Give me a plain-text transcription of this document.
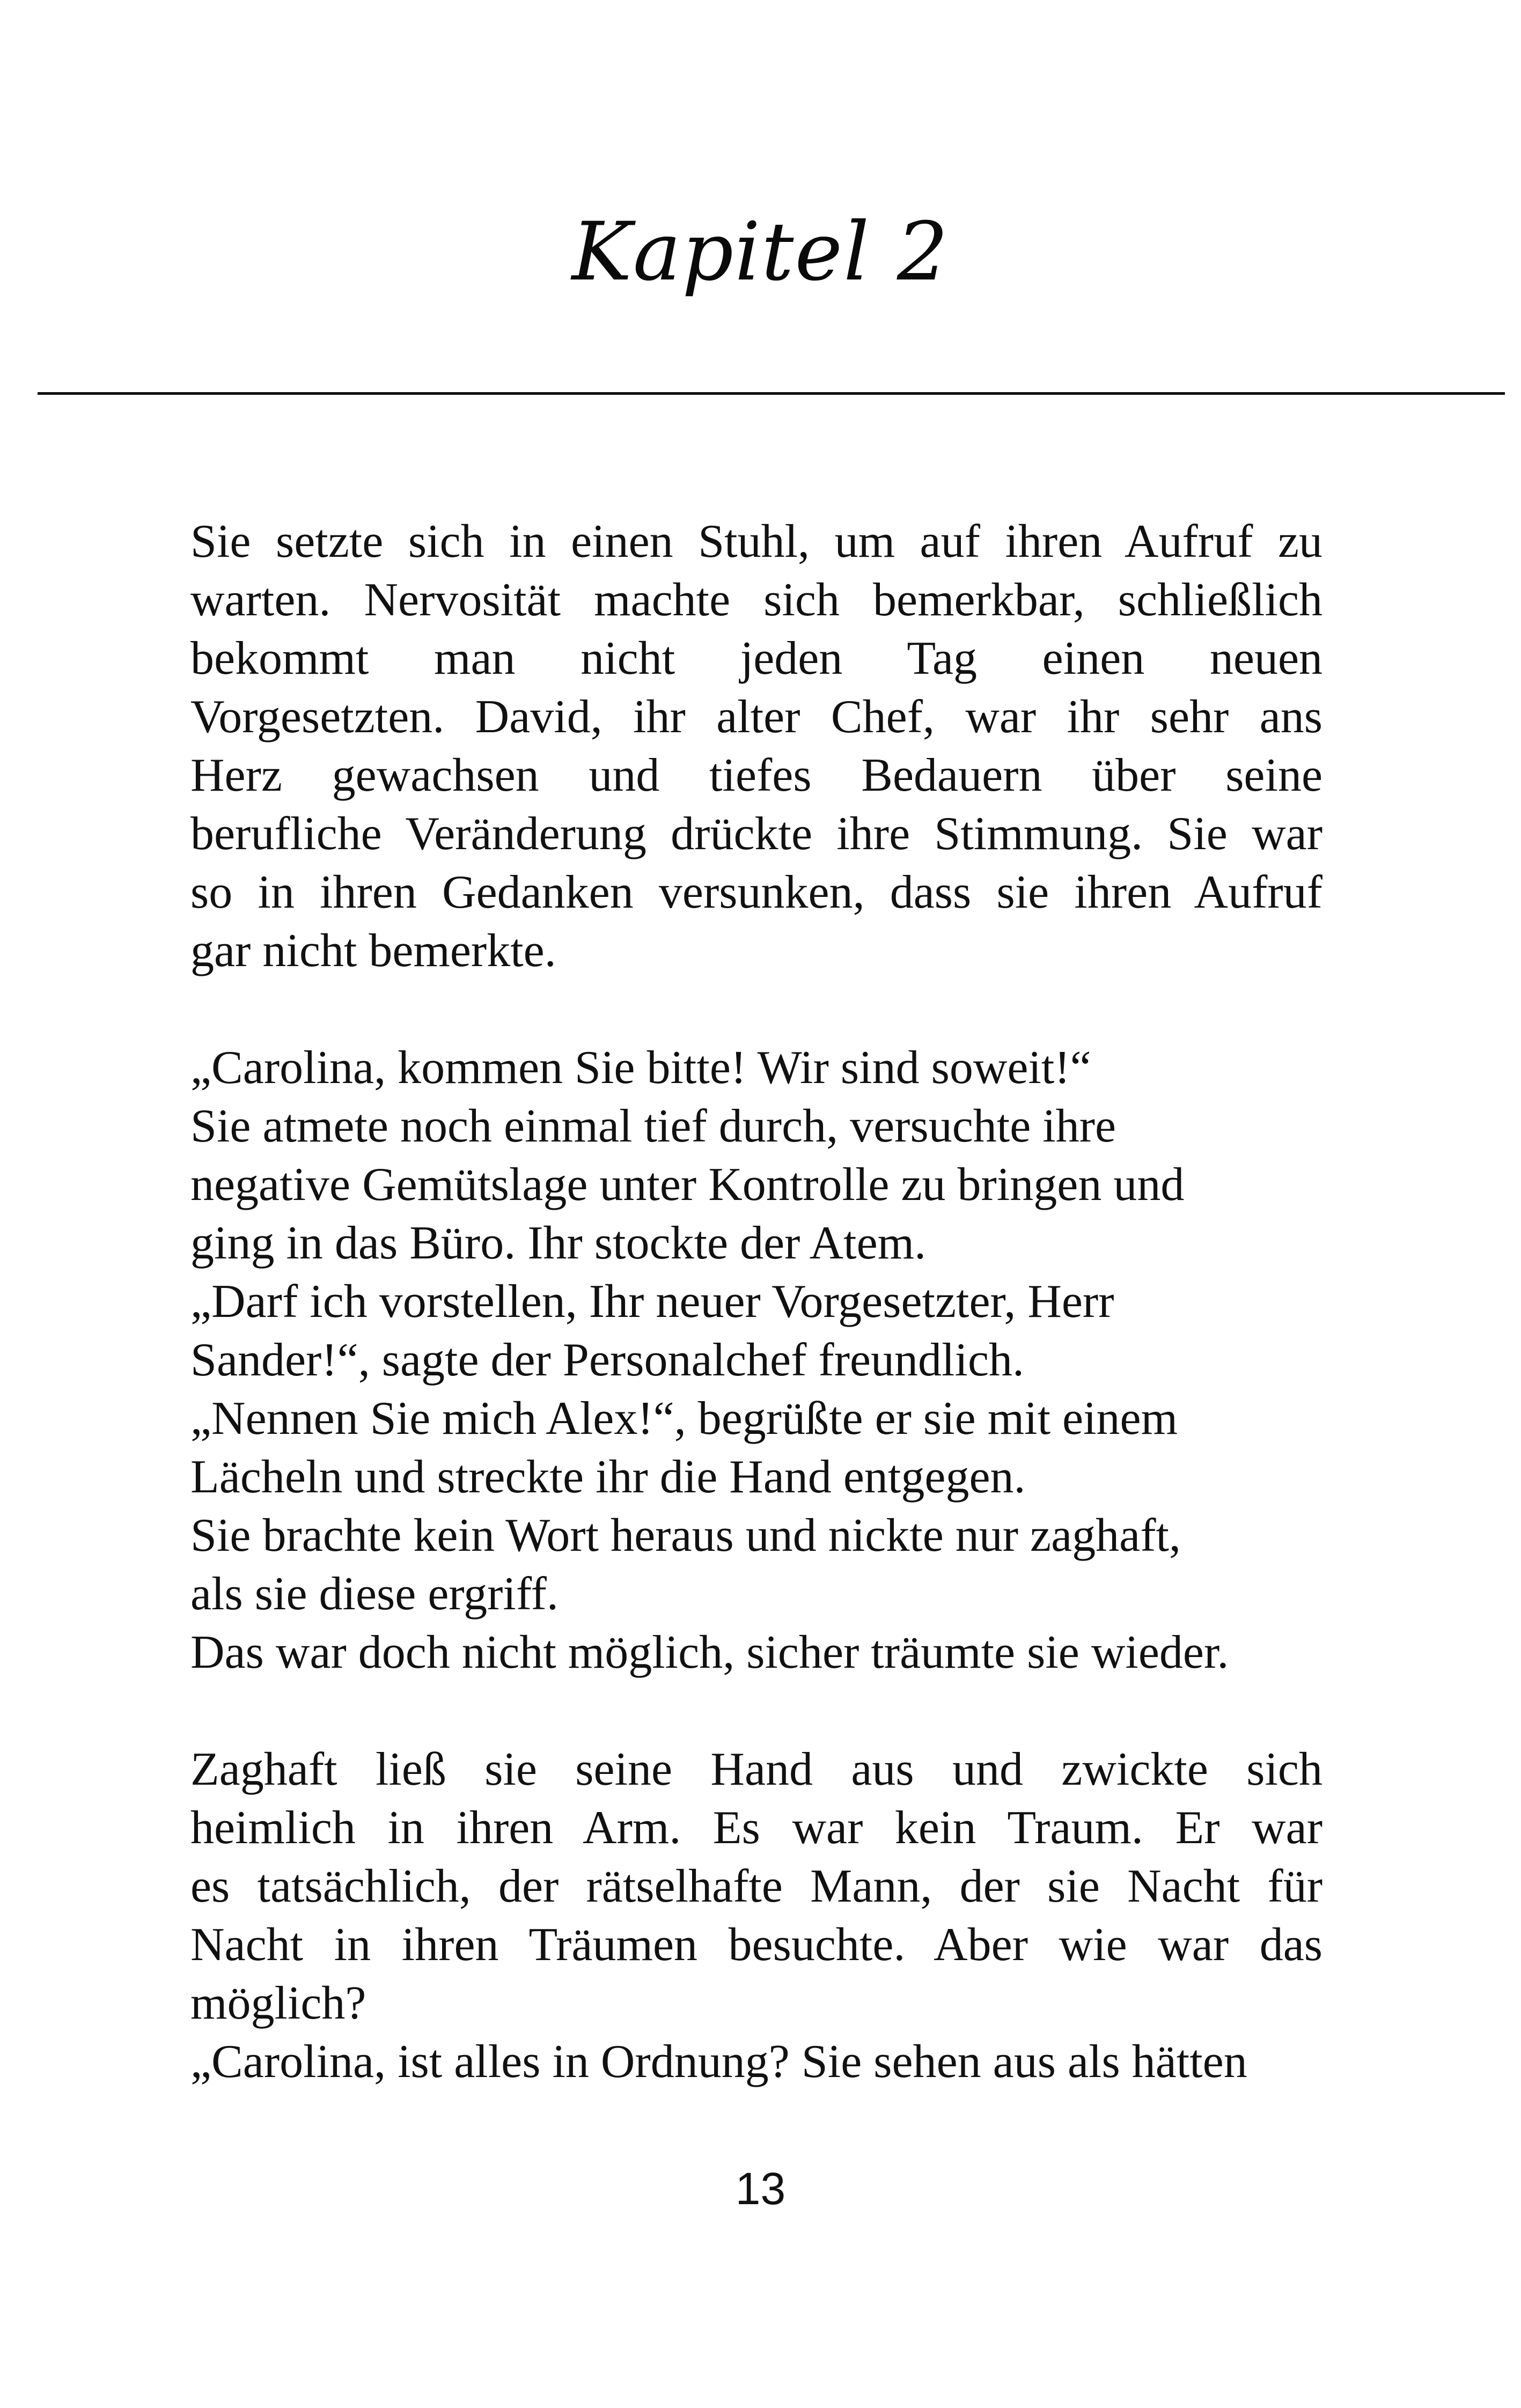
Kapitel 2

Sie setzte sich in einen Stuhl, um auf ihren Aufruf zu
warten. Nervosität machte sich bemerkbar, schließlich
bekommt man nicht jeden Tag einen neuen
Vorgesetzten. David, ihr alter Chef, war ihr sehr ans
Herz gewachsen und tiefes Bedauern über seine
berufliche Veränderung drückte ihre Stimmung. Sie war
so in ihren Gedanken versunken, dass sie ihren Aufruf
gar nicht bemerkte.

„Carolina, kommen Sie bitte! Wir sind soweit!“
Sie atmete noch einmal tief durch, versuchte ihre
negative Gemütslage unter Kontrolle zu bringen und
ging in das Büro. Ihr stockte der Atem.
„Darf ich vorstellen, Ihr neuer Vorgesetzter, Herr
Sander!“, sagte der Personalchef freundlich.
„Nennen Sie mich Alex!“, begrüßte er sie mit einem
Lächeln und streckte ihr die Hand entgegen.
Sie brachte kein Wort heraus und nickte nur zaghaft,
als sie diese ergriff.
Das war doch nicht möglich, sicher träumte sie wieder.

Zaghaft ließ sie seine Hand aus und zwickte sich
heimlich in ihren Arm. Es war kein Traum. Er war
es tatsächlich, der rätselhafte Mann, der sie Nacht für
Nacht in ihren Träumen besuchte. Aber wie war das
möglich?
„Carolina, ist alles in Ordnung? Sie sehen aus als hätten

13
